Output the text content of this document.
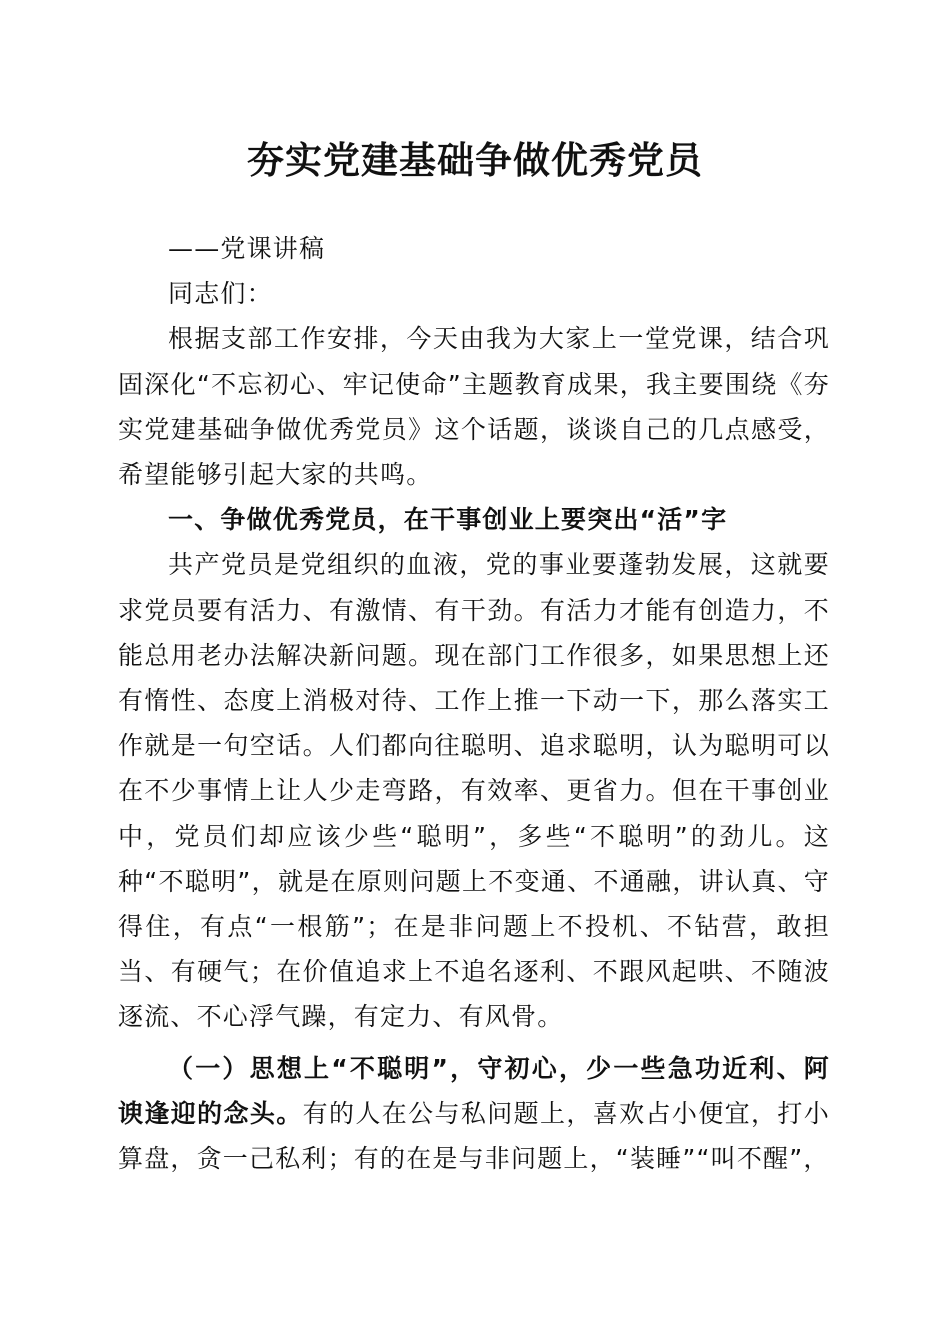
夯实党建基础争做优秀党员

——党课讲稿

同志们：

根据支部工作安排，今天由我为大家上一堂党课，结合巩固深化“不忘初心、牢记使命”主题教育成果，我主要围绕《夯实党建基础争做优秀党员》这个话题，谈谈自己的几点感受，希望能够引起大家的共鸣。

一、争做优秀党员，在干事创业上要突出“活”字

共产党员是党组织的血液，党的事业要蓬勃发展，这就要求党员要有活力、有激情、有干劲。有活力才能有创造力，不能总用老办法解决新问题。现在部门工作很多，如果思想上还有惰性、态度上消极对待、工作上推一下动一下，那么落实工作就是一句空话。人们都向往聪明、追求聪明，认为聪明可以在不少事情上让人少走弯路，有效率、更省力。但在干事创业中，党员们却应该少些“聪明”，多些“不聪明”的劲儿。这种“不聪明”，就是在原则问题上不变通、不通融，讲认真、守得住，有点“一根筋”；在是非问题上不投机、不钻营，敢担当、有硬气；在价值追求上不追名逐利、不跟风起哄、不随波逐流、不心浮气躁，有定力、有风骨。

（一）思想上“不聪明”，守初心，少一些急功近利、阿谀逢迎的念头。有的人在公与私问题上，喜欢占小便宜，打小算盘，贪一己私利；有的在是与非问题上，“装睡”“叫不醒”，
